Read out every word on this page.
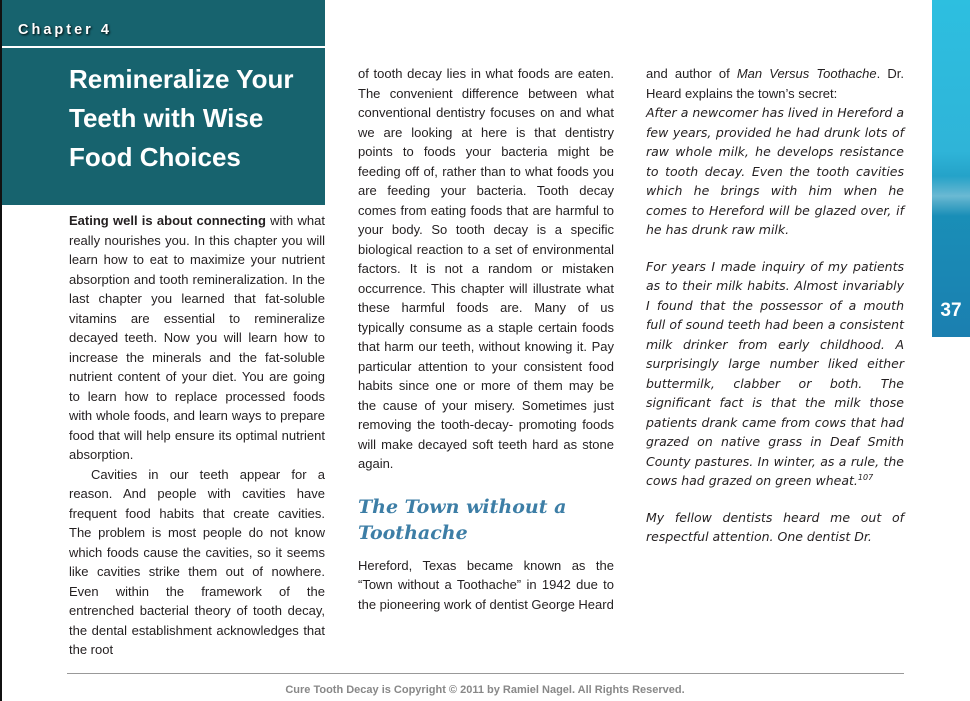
Chapter 4
Remineralize Your Teeth with Wise Food Choices
37

Eating well is about connecting with what really nourishes you. In this chapter you will learn how to eat to maximize your nutrient absorption and tooth remineralization. In the last chapter you learned that fat-soluble vitamins are essential to remineralize decayed teeth. Now you will learn how to increase the minerals and the fat-soluble nutrient content of your diet. You are going to learn how to replace processed foods with whole foods, and learn ways to prepare food that will help ensure its optimal nutrient absorption.

Cavities in our teeth appear for a reason. And people with cavities have frequent food habits that create cavities. The problem is most people do not know which foods cause the cavities, so it seems like cavities strike them out of nowhere. Even within the framework of the entrenched bacterial theory of tooth decay, the dental establishment acknowledges that the root

of tooth decay lies in what foods are eaten. The convenient difference between what conventional dentistry focuses on and what we are looking at here is that dentistry points to foods your bacteria might be feeding off of, rather than to what foods you are feeding your bacteria. Tooth decay comes from eating foods that are harmful to your body. So tooth decay is a specific biological reaction to a set of environmental factors. It is not a random or mistaken occurrence. This chapter will illustrate what these harmful foods are. Many of us typically consume as a staple certain foods that harm our teeth, without knowing it. Pay particular attention to your consistent food habits since one or more of them may be the cause of your misery. Sometimes just removing the tooth-decay- promoting foods will make decayed soft teeth hard as stone again.

The Town without a Toothache

Hereford, Texas became known as the “Town without a Toothache” in 1942 due to the pioneering work of dentist George Heard

and author of Man Versus Toothache. Dr. Heard explains the town’s secret:

After a newcomer has lived in Hereford a few years, provided he had drunk lots of raw whole milk, he develops resistance to tooth decay. Even the tooth cavities which he brings with him when he comes to Hereford will be glazed over, if he has drunk raw milk.

For years I made inquiry of my patients as to their milk habits. Almost invariably I found that the possessor of a mouth full of sound teeth had been a consistent milk drinker from early childhood. A surprisingly large number liked either buttermilk, clabber or both. The significant fact is that the milk those patients drank came from cows that had grazed on native grass in Deaf Smith County pastures. In winter, as a rule, the cows had grazed on green wheat.$^{107}$

My fellow dentists heard me out of respectful attention. One dentist Dr.

Cure Tooth Decay is Copyright © 2011 by Ramiel Nagel. All Rights Reserved.
